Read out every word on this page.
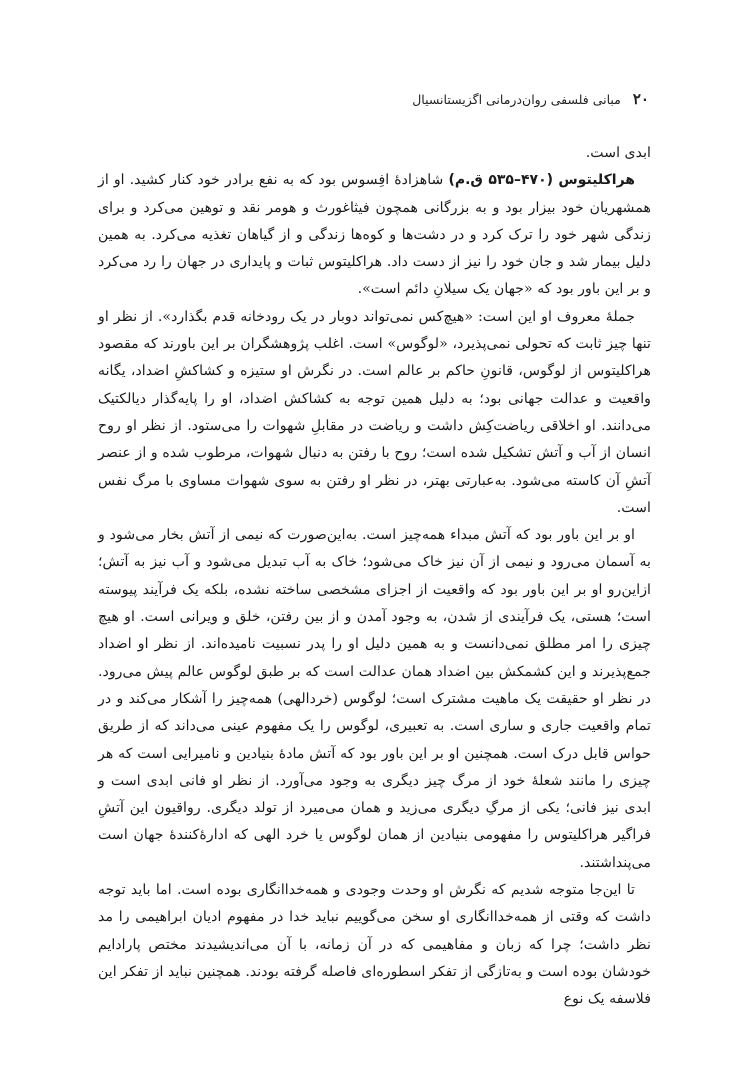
۲۰
مبانی فلسفی روان‌درمانی اگزیستانسیال

ابدی است.

هراکلیتوس (۴۷۰–۵۳۵ ق.م) شاهزادهٔ افِسوس بود که به نفع برادر خود کنار کشید. او از همشهریان خود بیزار بود و به بزرگانی همچون فیثاغورث و هومر نقد و توهین می‌کرد و برای زندگی شهر خود را ترک کرد و در دشت‌ها و کوه‌ها زندگی و از گیاهان تغذیه می‌کرد. به همین دلیل بیمار شد و جان خود را نیز از دست داد. هراکلیتوس ثبات و پایداری در جهان را رد می‌کرد و بر این باور بود که «جهان یک سیلانِ دائم است».

جملهٔ معروف او این است: «هیچ‌کس نمی‌تواند دوبار در یک رودخانه قدم بگذارد». از نظر او تنها چیز ثابت که تحولی نمی‌پذیرد، «لوگوس» است. اغلب پژوهشگران بر این باورند که مقصود هراکلیتوس از لوگوس، قانونِ حاکم بر عالم است. در نگرش او ستیزه و کشاکشِ اضداد، یگانه واقعیت و عدالت جهانی بود؛ به دلیل همین توجه به کشاکش اضداد، او را پایه‌گذار دیالکتیک می‌دانند. او اخلاقی ریاضت‌کِش داشت و ریاضت در مقابلِ شهوات را می‌ستود. از نظر او روح انسان از آب و آتش تشکیل شده است؛ روح با رفتن به دنبال شهوات، مرطوب شده و از عنصر آتشِ آن کاسته می‌شود. به‌عبارتی بهتر، در نظر او رفتن به سوی شهوات مساوی با مرگ نفس است.

او بر این باور بود که آتش مبداء همه‌چیز است. به‌این‌صورت که نیمی از آتش بخار می‌شود و به آسمان می‌رود و نیمی از آن نیز خاک می‌شود؛ خاک به آب تبدیل می‌شود و آب نیز به آتش؛ ازاین‌رو او بر این باور بود که واقعیت از اجزای مشخصی ساخته نشده، بلکه یک فرآیند پیوسته است؛ هستی، یک فرآیندی از شدن، به وجود آمدن و از بین رفتن، خلق و ویرانی است. او هیچ چیزی را امر مطلق نمی‌دانست و به همین دلیل او را پدر نسبیت نامیده‌اند. از نظر او اضداد جمع‌پذیرند و این کشمکش بین اضداد همان عدالت است که بر طبق لوگوس عالم پیش می‌رود. در نظر او حقیقت یک ماهیت مشترک است؛ لوگوس (خردالهی) همه‌چیز را آشکار می‌کند و در تمام واقعیت جاری و ساری است. به تعبیری، لوگوس را یک مفهوم عینی می‌داند که از طریق حواس قابل درک است. همچنین او بر این باور بود که آتش مادهٔ بنیادین و نامیرایی است که هر چیزی را مانند شعلهٔ خود از مرگ چیز دیگری به وجود می‌آورد. از نظر او فانی ابدی است و ابدی نیز فانی؛ یکی از مرگِ دیگری می‌زید و همان می‌میرد از تولد دیگری. رواقیون این آتشِ فراگیر هراکلیتوس را مفهومی بنیادین از همان لوگوس یا خرد الهی که ادارهٔ‌کنندهٔ جهان است می‌پنداشتند.

تا این‌جا متوجه شدیم که نگرش او وحدت وجودی و همه‌خداانگاری بوده است. اما باید توجه داشت که وقتی از همه‌خداانگاری او سخن می‌گوییم نباید خدا در مفهوم ادیان ابراهیمی را مد نظر داشت؛ چرا که زبان و مفاهیمی که در آن زمانه، با آن می‌اندیشیدند مختص پارادایم خودشان بوده است و به‌تازگی از تفکر اسطوره‌ای فاصله گرفته بودند. همچنین نباید از تفکر این فلاسفه یک نوع
